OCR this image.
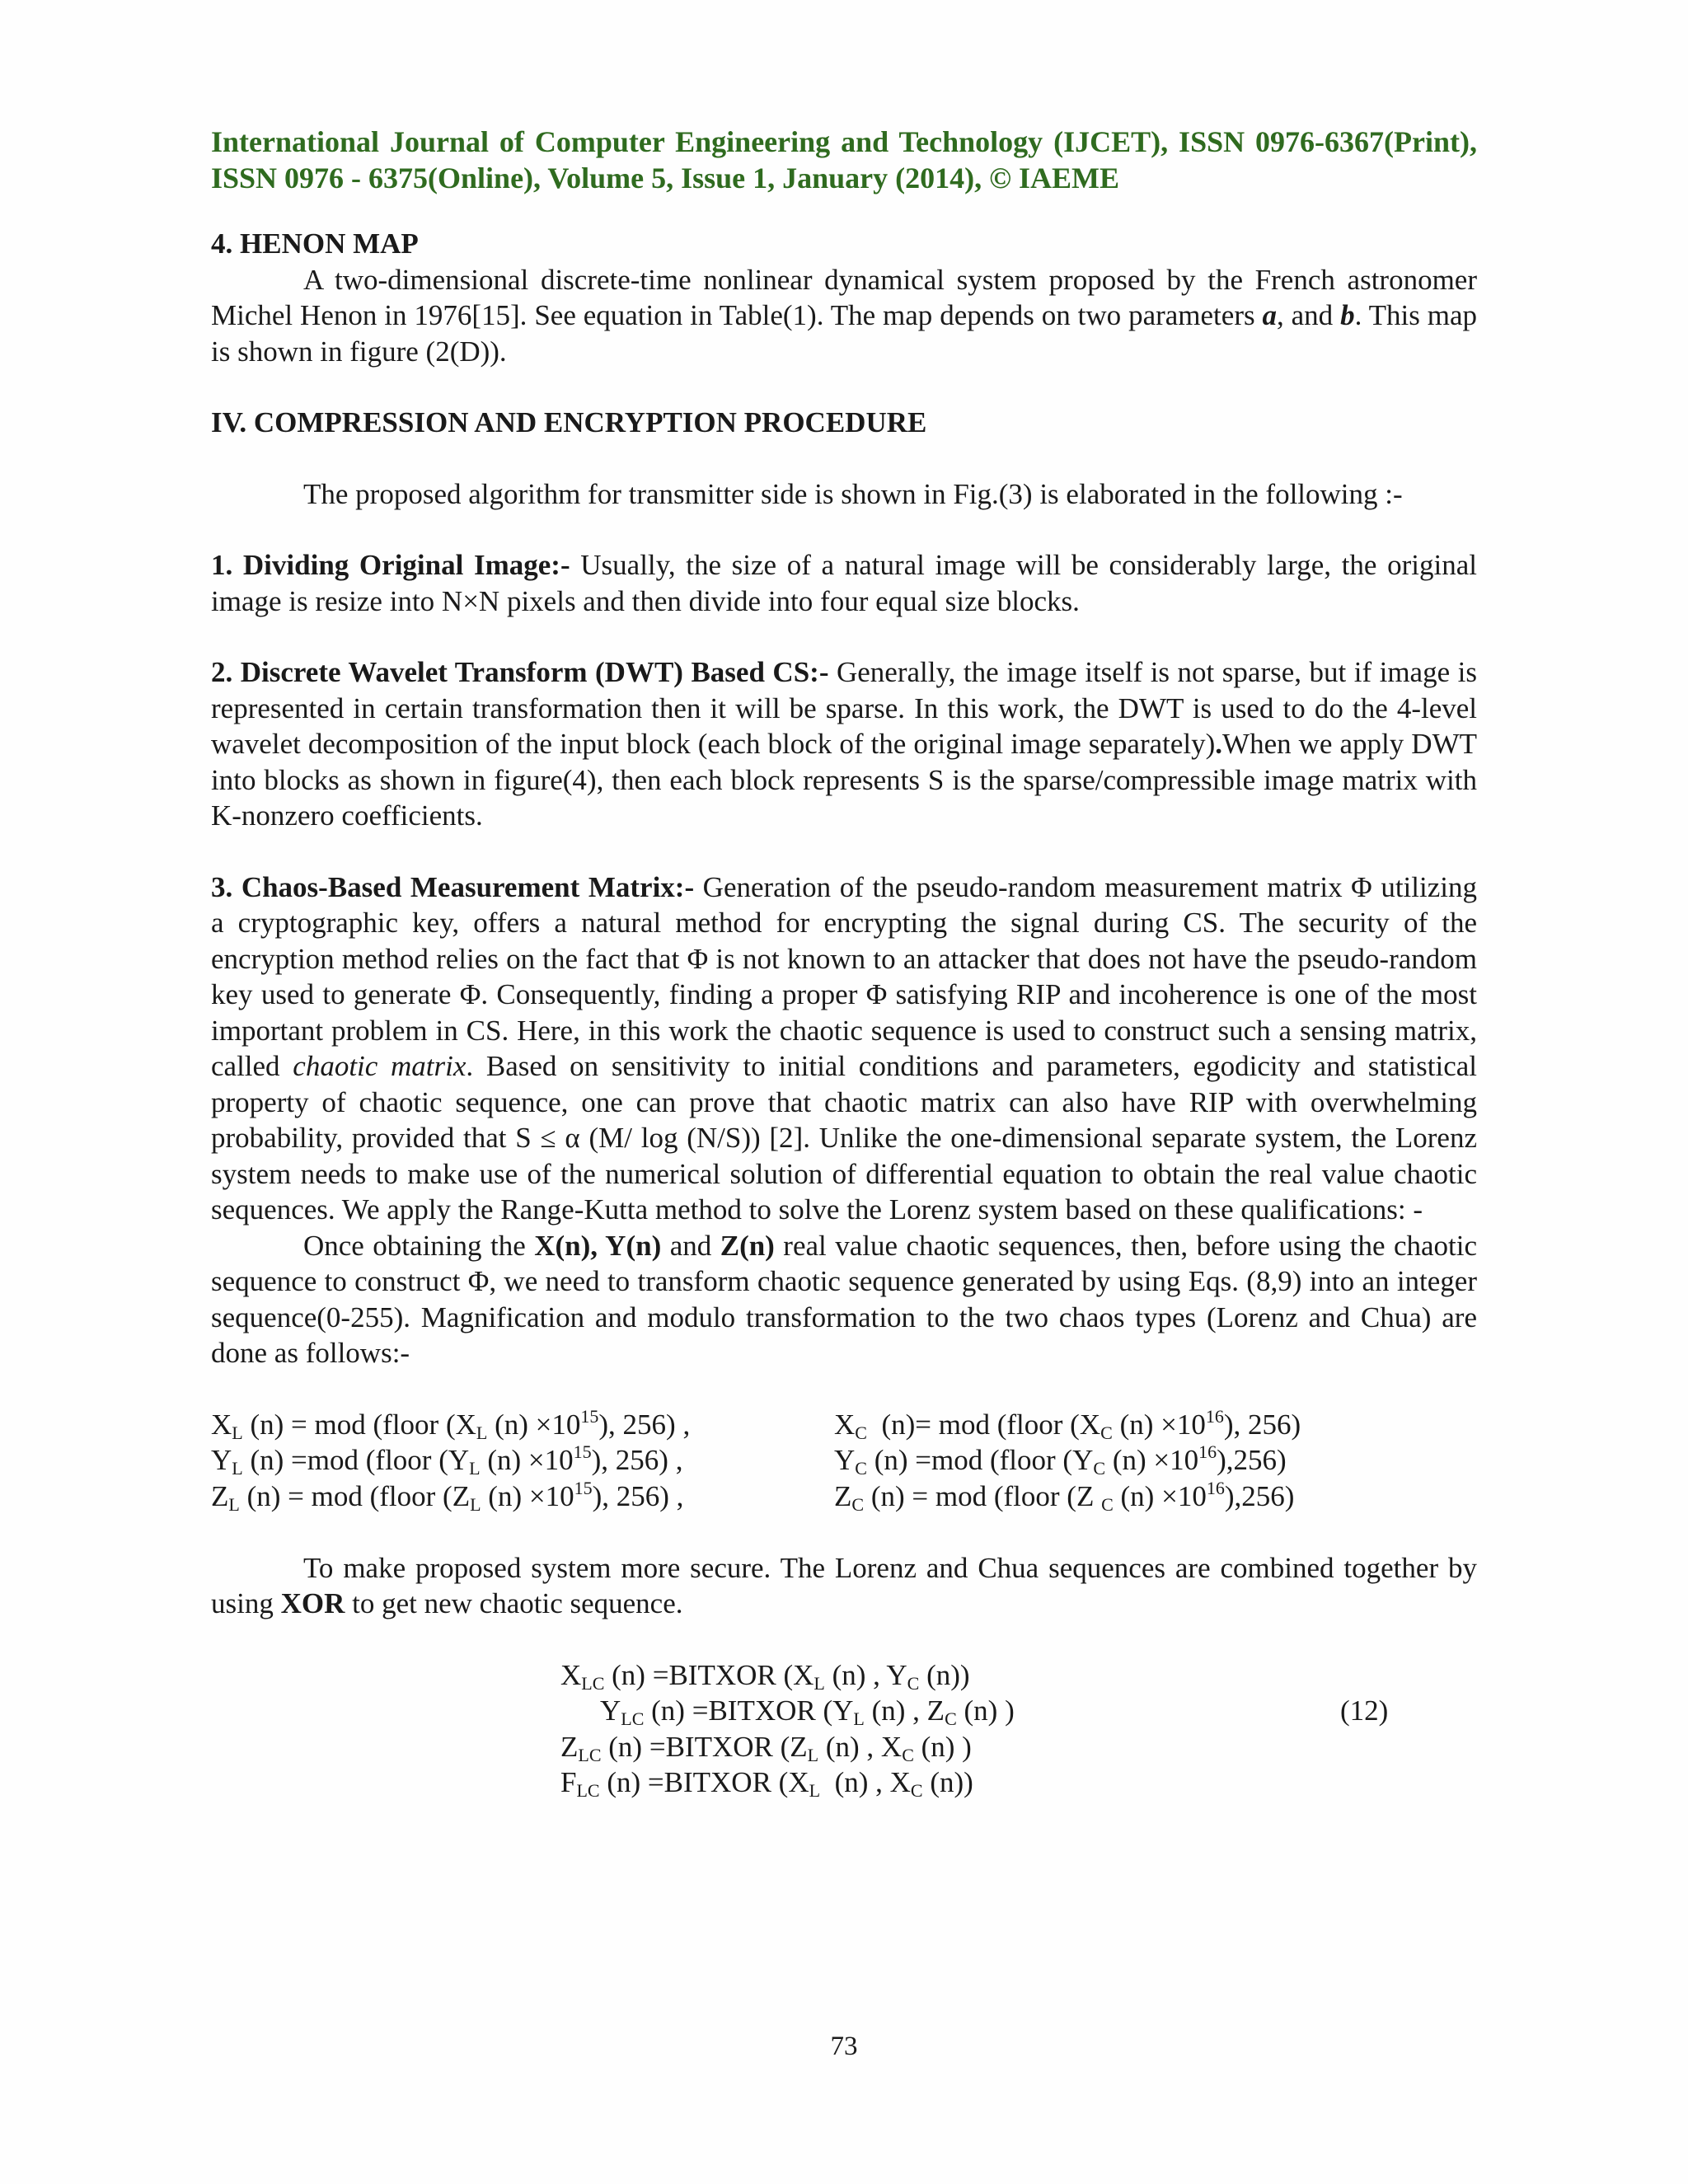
International Journal of Computer Engineering and Technology (IJCET), ISSN 0976-6367(Print), ISSN 0976 - 6375(Online), Volume 5, Issue 1, January (2014), © IAEME

4. HENON MAP

A two-dimensional discrete-time nonlinear dynamical system proposed by the French astronomer Michel Henon in 1976[15]. See equation in Table(1). The map depends on two parameters a, and b. This map is shown in figure (2(D)).

IV. COMPRESSION AND ENCRYPTION PROCEDURE

The proposed algorithm for transmitter side is shown in Fig.(3) is elaborated in the following :-

1. Dividing Original Image:- Usually, the size of a natural image will be considerably large, the original image is resize into N×N pixels and then divide into four equal size blocks.

2. Discrete Wavelet Transform (DWT) Based CS:- Generally, the image itself is not sparse, but if image is represented in certain transformation then it will be sparse. In this work, the DWT is used to do the 4-level wavelet decomposition of the input block (each block of the original image separately).When we apply DWT into blocks as shown in figure(4), then each block represents S is the sparse/compressible image matrix with K-nonzero coefficients.

3. Chaos-Based Measurement Matrix:- Generation of the pseudo-random measurement matrix Φ utilizing a cryptographic key, offers a natural method for encrypting the signal during CS. The security of the encryption method relies on the fact that Φ is not known to an attacker that does not have the pseudo-random key used to generate Φ. Consequently, finding a proper Φ satisfying RIP and incoherence is one of the most important problem in CS. Here, in this work the chaotic sequence is used to construct such a sensing matrix, called chaotic matrix. Based on sensitivity to initial conditions and parameters, egodicity and statistical property of chaotic sequence, one can prove that chaotic matrix can also have RIP with overwhelming probability, provided that S ≤ α (M/ log (N/S)) [2]. Unlike the one-dimensional separate system, the Lorenz system needs to make use of the numerical solution of differential equation to obtain the real value chaotic sequences. We apply the Range-Kutta method to solve the Lorenz system based on these qualifications: -

Once obtaining the X(n), Y(n) and Z(n) real value chaotic sequences, then, before using the chaotic sequence to construct Φ, we need to transform chaotic sequence generated by using Eqs. (8,9) into an integer sequence(0-255). Magnification and modulo transformation to the two chaos types (Lorenz and Chua) are done as follows:-

$X_L$ (n) = mod (floor ($X_L$ $(n) \times 10^{15}$), 256) ,
$Y_L$ (n) =mod (floor ($Y_L$ $(n) \times 10^{15}$), 256) ,
$Z_L$ (n) = mod (floor ($Z_L$ $(n) \times 10^{15}$), 256) ,
$X_C$  (n)= mod (floor ($X_C$ $(n) \times 10^{16}$), 256)
$Y_C$ (n) =mod (floor ($Y_C$ $(n) \times 10^{16}),256$)
$Z_C$ (n) = mod (floor (Z $_C$ $(n) \times 10^{16}),256$)

To make proposed system more secure. The Lorenz and Chua sequences are combined together by using XOR to get new chaotic sequence.

$X_{LC}$ (n) =BITXOR ($X_L$ (n) , $Y_C$ (n))
$Y_{LC}$ (n) =BITXOR ($Y_L$ (n) , $Z_C$ (n) )
$Z_{LC}$ (n) =BITXOR ($Z_L$ (n) , $X_C$ (n) )
$F_{LC}$ (n) =BITXOR ($X_L$  (n) , $X_C$ (n))
(12)
73
